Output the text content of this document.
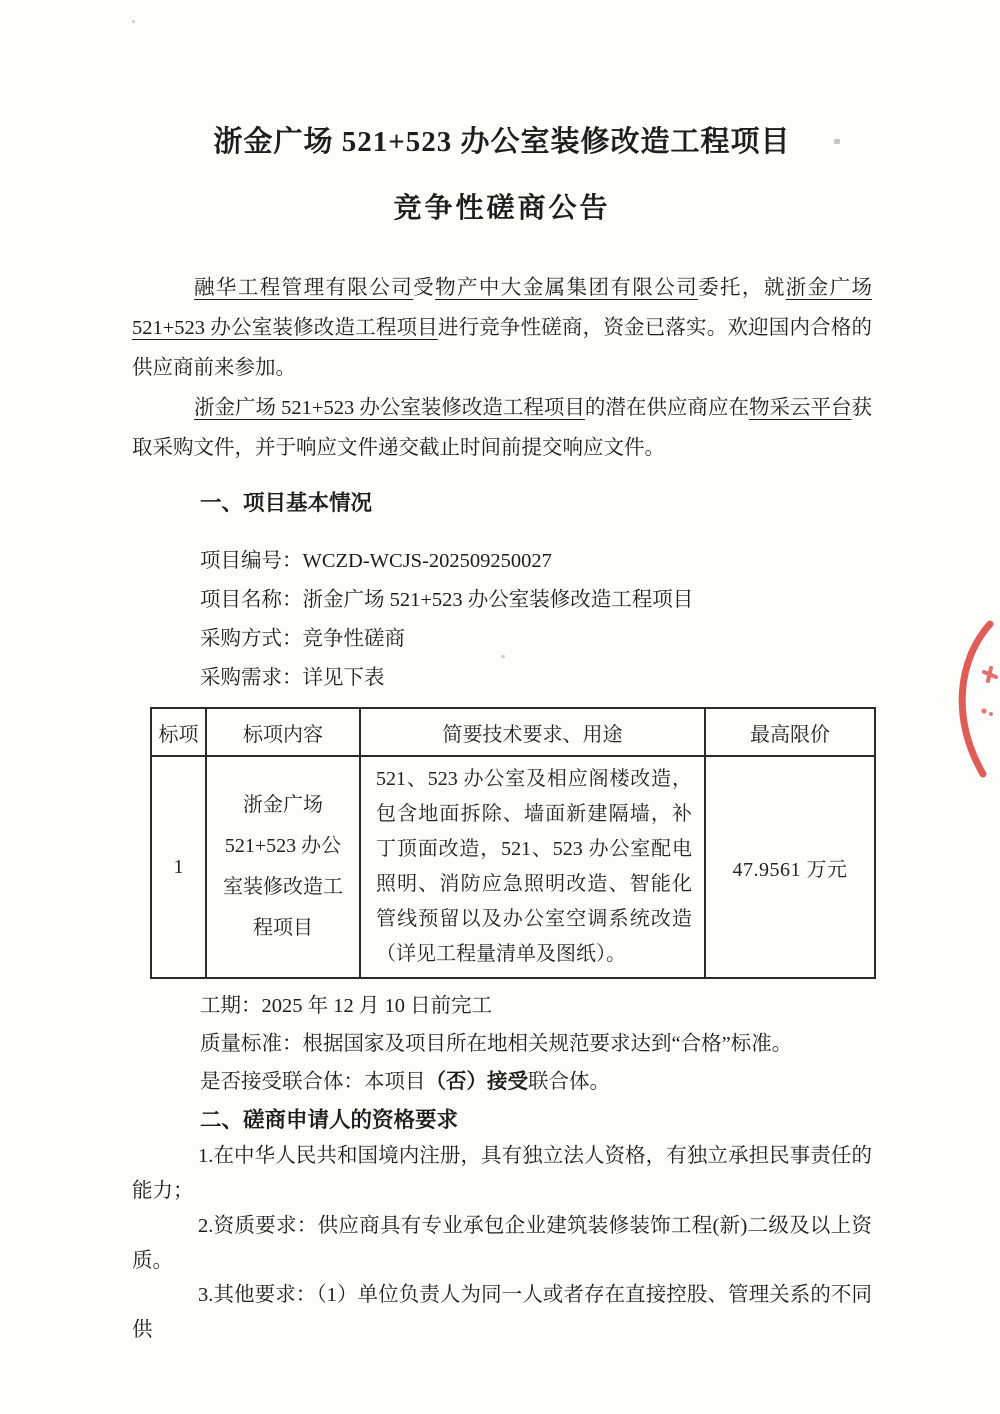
浙金广场 521+523 办公室装修改造工程项目
竞争性磋商公告

融华工程管理有限公司受物产中大金属集团有限公司委托，就浙金广场521+523 办公室装修改造工程项目进行竞争性磋商，资金已落实。欢迎国内合格的供应商前来参加。

浙金广场 521+523 办公室装修改造工程项目的潜在供应商应在物采云平台获取采购文件，并于响应文件递交截止时间前提交响应文件。

一、项目基本情况

项目编号：WCZD-WCJS-202509250027

项目名称：浙金广场 521+523 办公室装修改造工程项目

采购方式：竞争性磋商

采购需求：详见下表

标项	标项内容	简要技术要求、用途	最高限价
1	浙金广场 521+523 办公室装修改造工程项目	521、523 办公室及相应阁楼改造，包含地面拆除、墙面新建隔墙，补丁顶面改造，521、523 办公室配电照明、消防应急照明改造、智能化管线预留以及办公室空调系统改造（详见工程量清单及图纸）。	47.9561 万元

工期：2025 年 12 月 10 日前完工

质量标准：根据国家及项目所在地相关规范要求达到“合格”标准。

是否接受联合体：本项目（否）接受联合体。

二、磋商申请人的资格要求

1.在中华人民共和国境内注册，具有独立法人资格，有独立承担民事责任的能力；

2.资质要求：供应商具有专业承包企业建筑装修装饰工程(新)二级及以上资质。

3.其他要求：（1）单位负责人为同一人或者存在直接控股、管理关系的不同供
